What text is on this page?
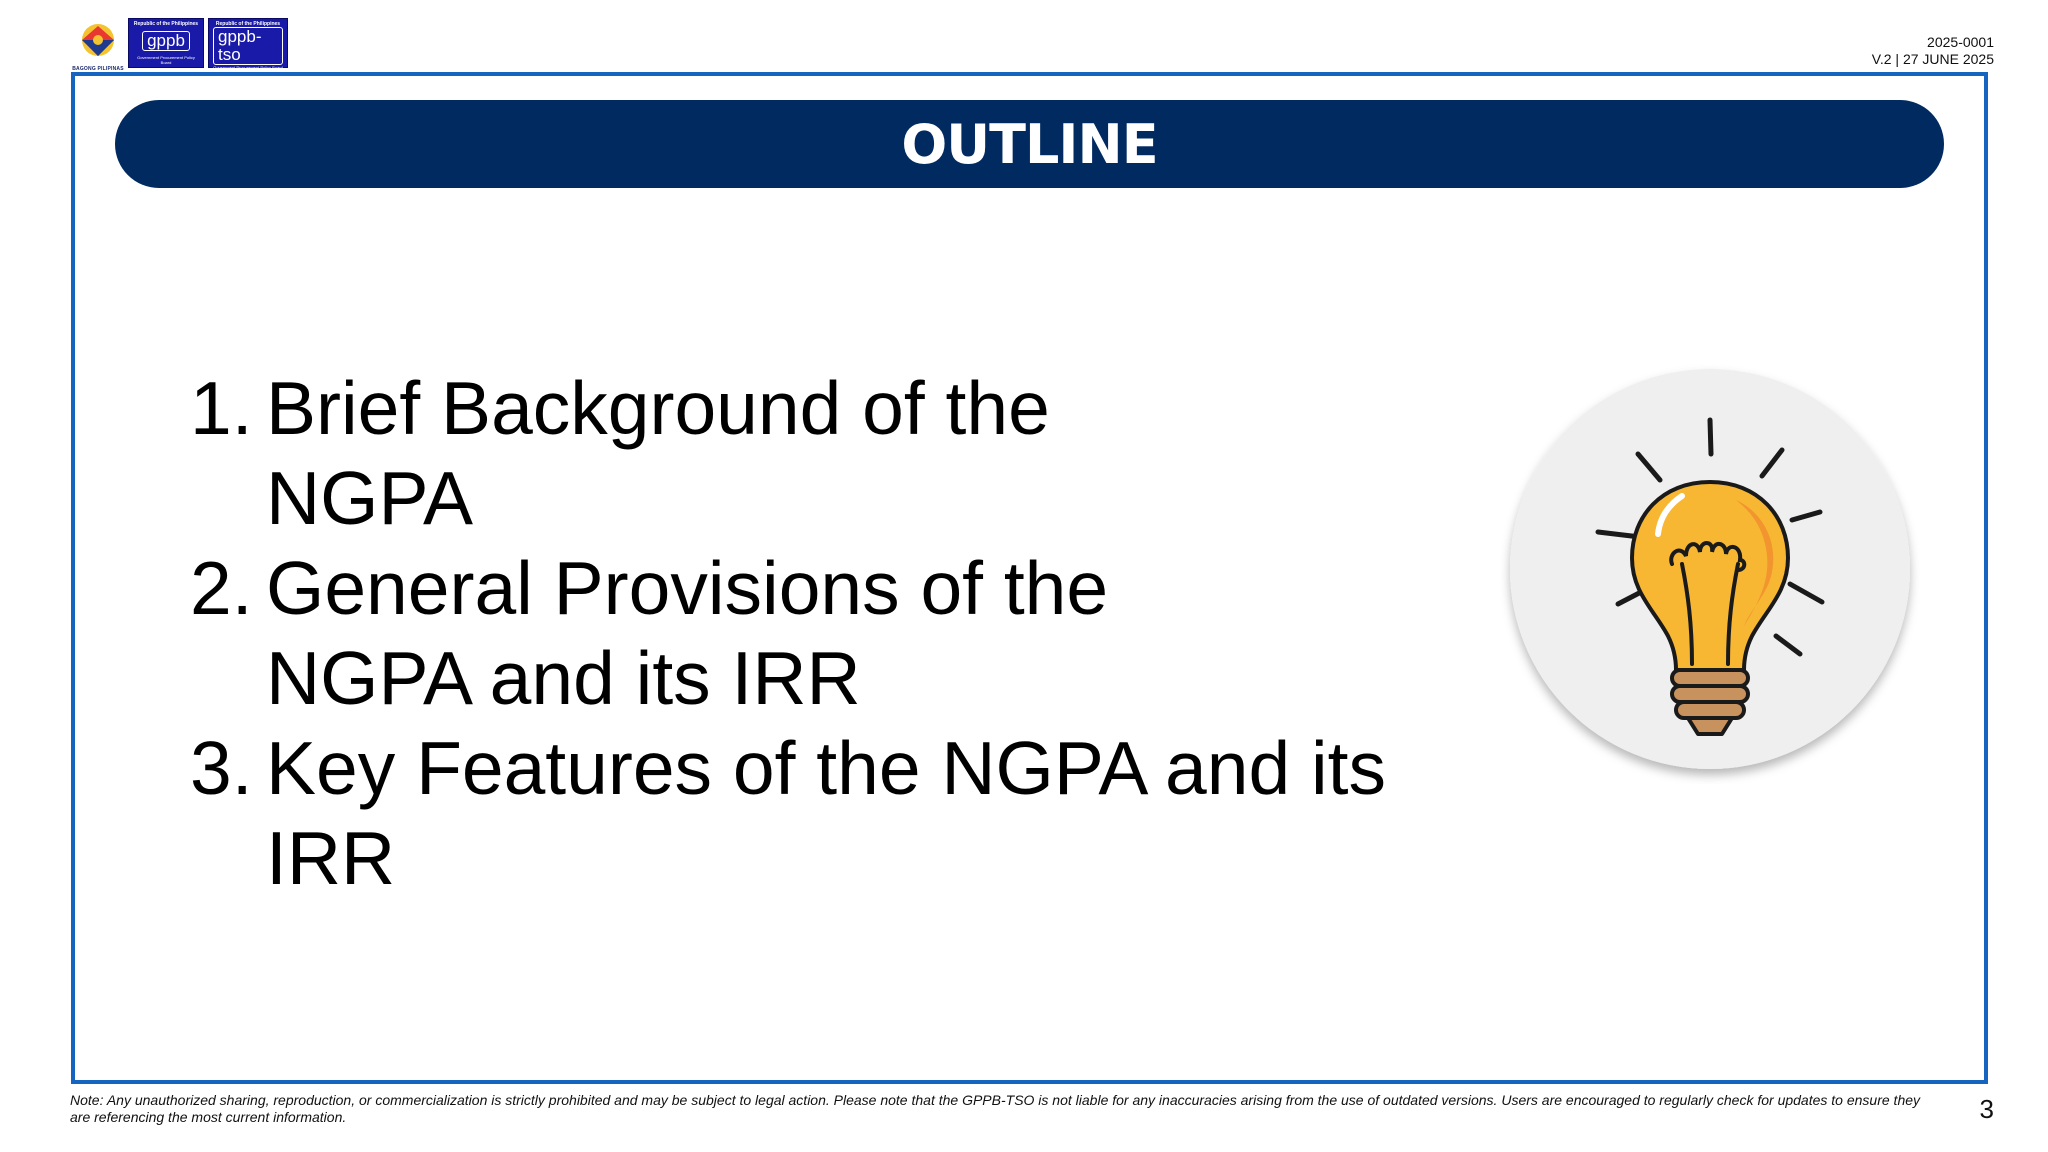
BAGONG PILIPINAS
Republic of the Philippines
gppb
Government Procurement Policy Board
Republic of the Philippines
gppb-tso
Government Procurement Policy Board
2025-0001
V.2 | 27 JUNE 2025
OUTLINE
1. Brief Background of the NGPA
2. General Provisions of the NGPA and its IRR
3. Key Features of the NGPA and its IRR
Note: Any unauthorized sharing, reproduction, or commercialization is strictly prohibited and may be subject to legal action. Please note that the GPPB-TSO is not liable for any inaccuracies arising from the use of outdated versions. Users are encouraged to regularly check for updates to ensure they are referencing the most current information.	3
